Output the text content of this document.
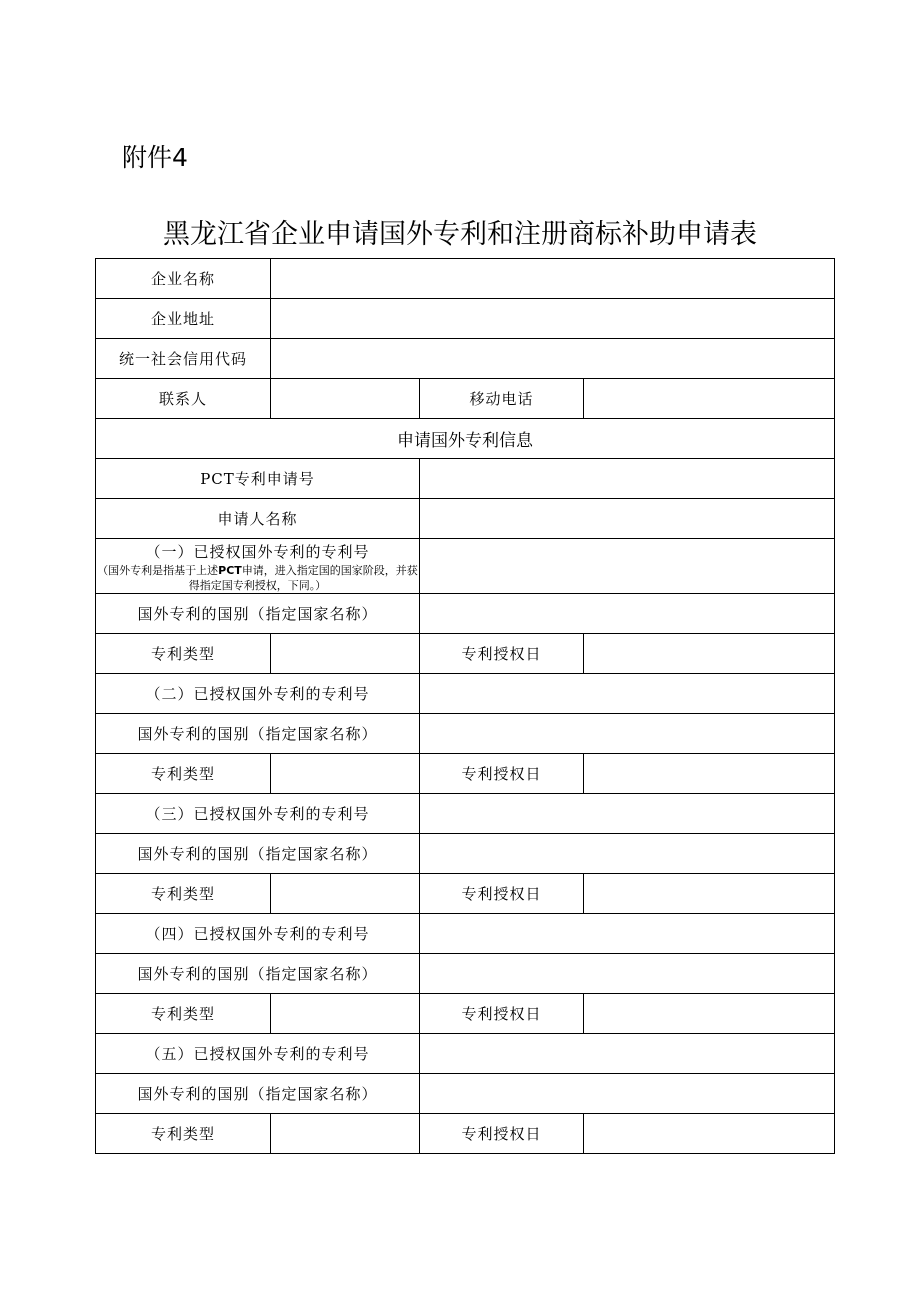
附件4
黑龙江省企业申请国外专利和注册商标补助申请表
企业名称			
企业地址			
统一社会信用代码			
联系人		移动电话	
申请国外专利信息			
PCT专利申请号			
申请人名称			

（一）已授权国外专利的专利号
（国外专利是指基于上述PCT申请，进入指定国的国家阶段，并获得指定国专利授权，下同。）			

国外专利的国别（指定国家名称）			
专利类型		专利授权日	
（二）已授权国外专利的专利号			
国外专利的国别（指定国家名称）			
专利类型		专利授权日	
（三）已授权国外专利的专利号			
国外专利的国别（指定国家名称）			
专利类型		专利授权日	
（四）已授权国外专利的专利号			
国外专利的国别（指定国家名称）			
专利类型		专利授权日	
（五）已授权国外专利的专利号			
国外专利的国别（指定国家名称）			
专利类型		专利授权日	
